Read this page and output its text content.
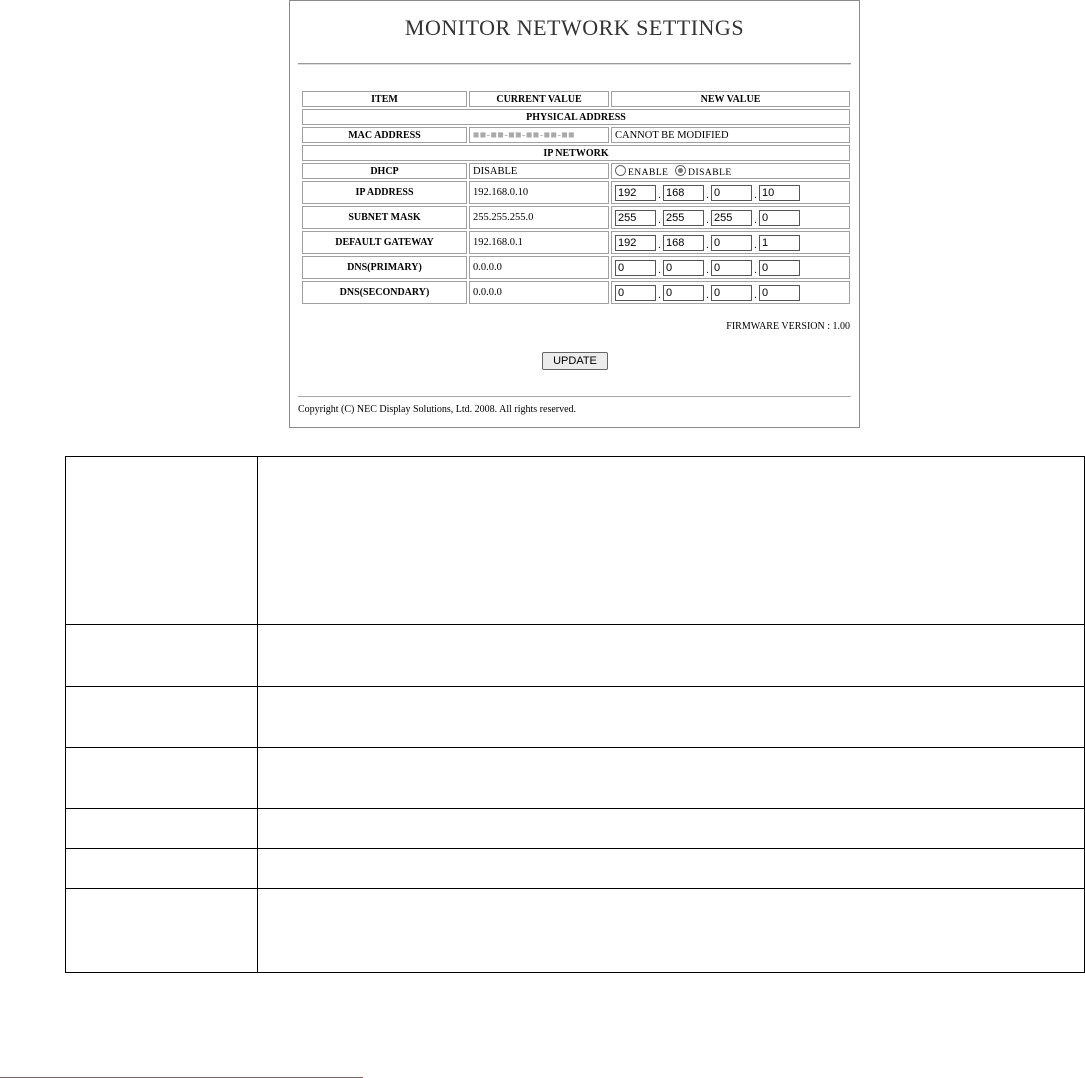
MONITOR NETWORK SETTINGS
ITEM	CURRENT VALUE	NEW VALUE
PHYSICAL ADDRESS		
MAC ADDRESS	■■-■■-■■-■■-■■-■■	CANNOT BE MODIFIED
IP NETWORK		
DHCP	DISABLE	ENABLE DISABLE
IP ADDRESS	192.168.0.10	192 . 168 . 0 . 10
SUBNET MASK	255.255.255.0	255 . 255 . 255 . 0
DEFAULT GATEWAY	192.168.0.1	192 . 168 . 0 . 1
DNS(PRIMARY)	0.0.0.0	0 . 0 . 0 . 0
DNS(SECONDARY)	0.0.0.0	0 . 0 . 0 . 0
FIRMWARE VERSION : 1.00
UPDATE
Copyright (C) NEC Display Solutions, Ltd. 2008. All rights reserved.
